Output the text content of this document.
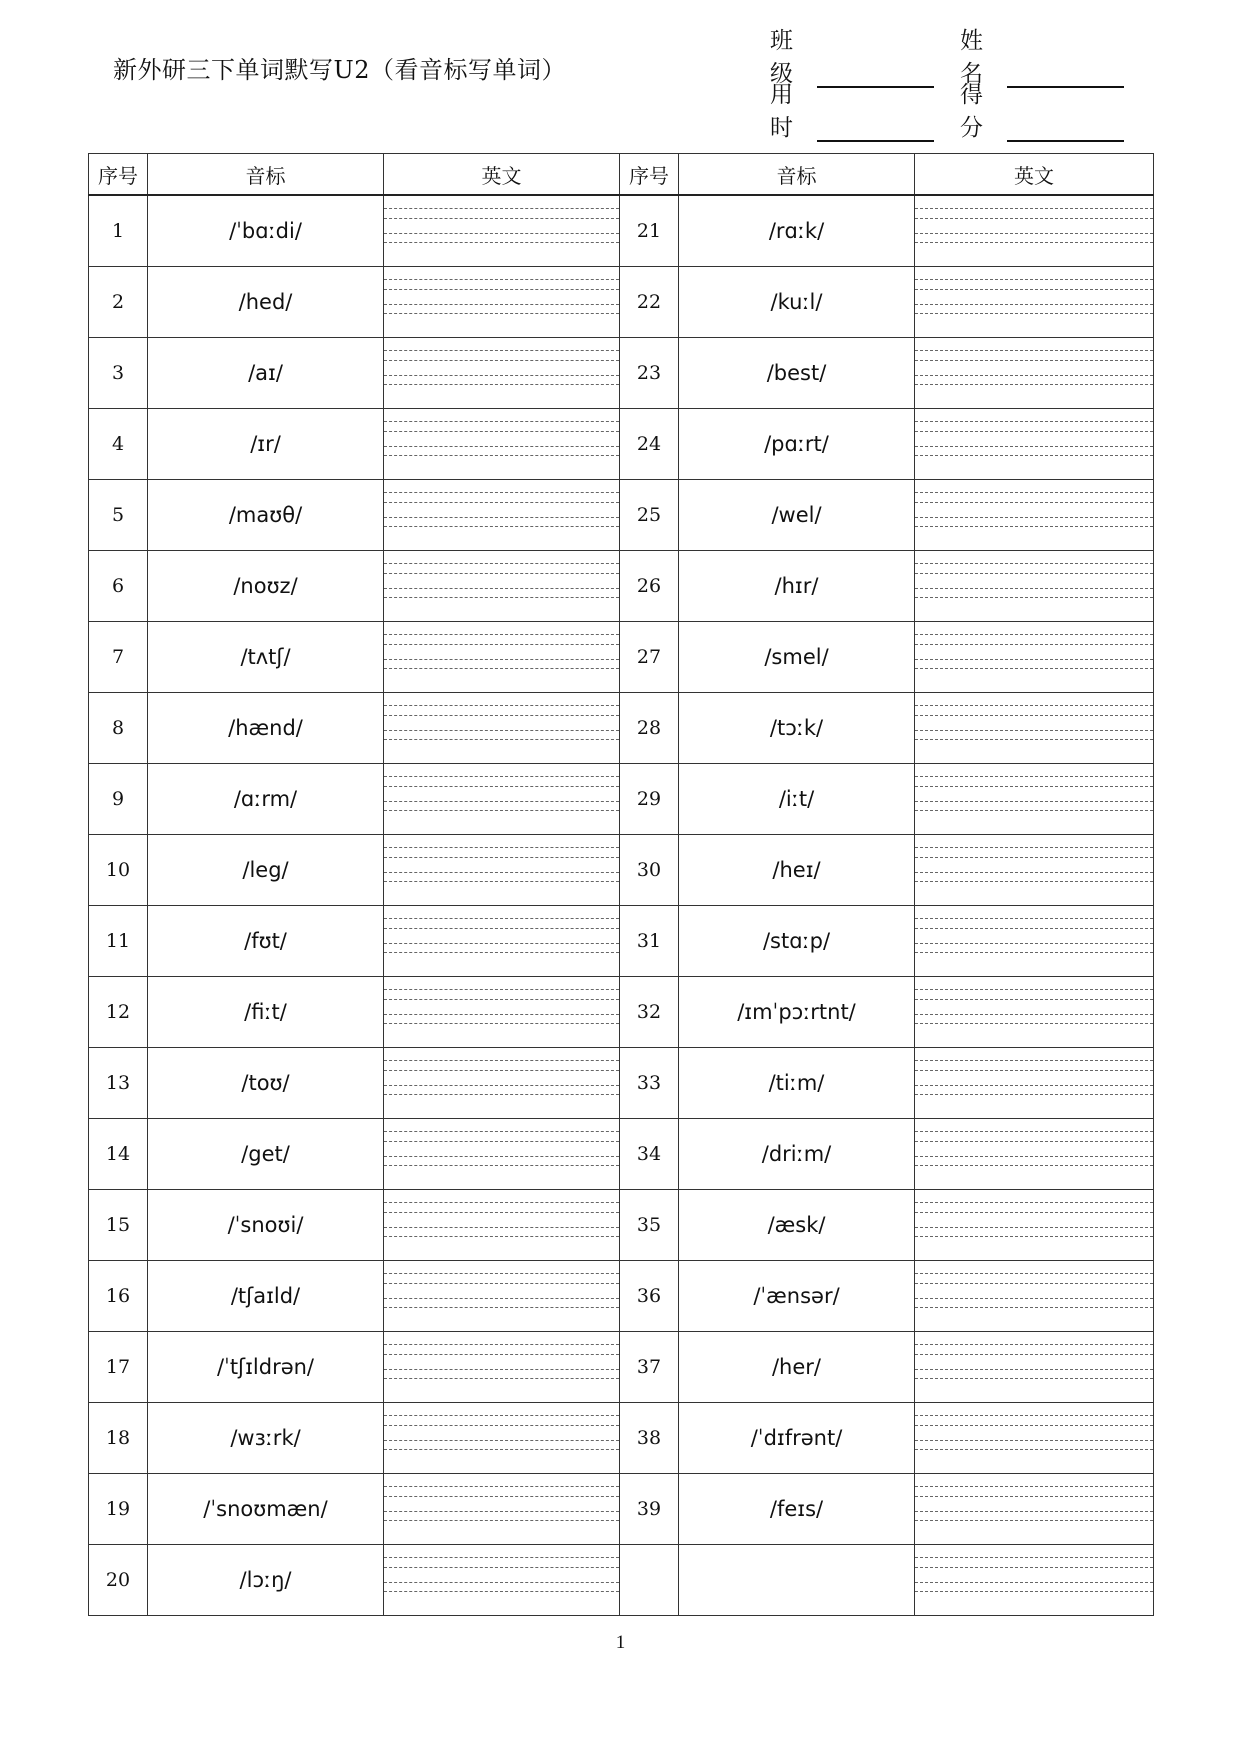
新外研三下单词默写U2（看音标写单词）
班级
姓名
用时
得分
序号	音标	英文	序号	音标	英文
1	/ˈbɑːdi/		21	/rɑːk/	

2	/hed/		22	/kuːl/	

3	/aɪ/		23	/best/	

4	/ɪr/		24	/pɑːrt/	

5	/maʊθ/		25	/wel/	

6	/noʊz/		26	/hɪr/	

7	/tʌtʃ/		27	/smel/	

8	/hænd/		28	/tɔːk/	

9	/ɑːrm/		29	/iːt/	

10	/leg/		30	/heɪ/	

11	/fʊt/		31	/stɑːp/	

12	/fiːt/		32	/ɪmˈpɔːrtnt/	

13	/toʊ/		33	/tiːm/	

14	/get/		34	/driːm/	

15	/ˈsnoʊi/		35	/æsk/	

16	/tʃaɪld/		36	/ˈænsər/	

17	/ˈtʃɪldrən/		37	/her/	

18	/wɜːrk/		38	/ˈdɪfrənt/	

19	/ˈsnoʊmæn/		39	/feɪs/	

20	/lɔːŋ/	

1
